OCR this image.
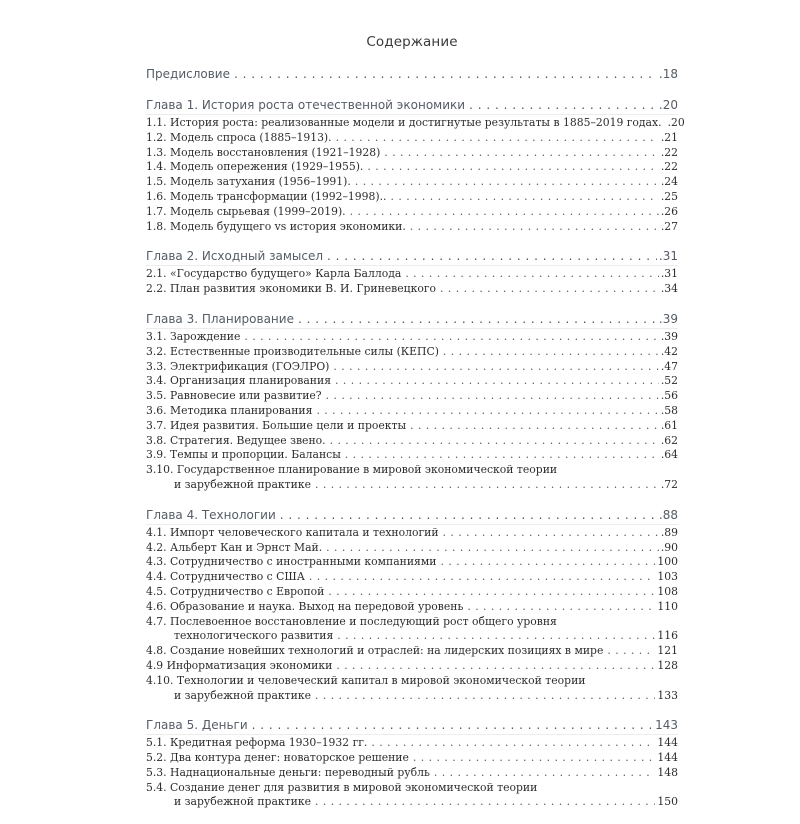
Содержание
Предисловие . . .	.18
Глава 1. История роста отечественной экономики . . .	.20
1.1. История роста: реализованные модели и достигнутые результаты в 1885–2019 годах. .20
1.2. Модель спроса (1885–1913). . . .	.21
1.3. Модель восстановления (1921–1928) . . .	.22
1.4. Модель опережения (1929–1955). . . .	.22
1.5. Модель затухания (1956–1991). . . .	.24
1.6. Модель трансформации (1992–1998).. . . .	.25
1.7. Модель сырьевая (1999–2019). . . .	.26
1.8. Модель будущего vs история экономики. . . .	.27
Глава 2. Исходный замысел . . .	.31
2.1. «Государство будущего» Карла Баллода . . .	.31
2.2. План развития экономики В. И. Гриневецкого . . .	.34
Глава 3. Планирование . . .	.39
3.1. Зарождение . . .	.39
3.2. Естественные производительные силы (КЕПС) . . .	.42
3.3. Электрификация (ГОЭЛРО) . . .	.47
3.4. Организация планирования . . .	.52
3.5. Равновесие или развитие? . . .	.56
3.6. Методика планирования . . .	.58
3.7. Идея развития. Большие цели и проекты . . .	.61
3.8. Стратегия. Ведущее звено. . . .	.62
3.9. Темпы и пропорции. Балансы . . .	.64
3.10. Государственное планирование в мировой экономической теории
и зарубежной практике . . .	.72
Глава 4. Технологии . . .	.88
4.1. Импорт человеческого капитала и технологий . . .	.89
4.2. Альберт Кан и Эрнст Май. . . .	.90
4.3. Сотрудничество с иностранными компаниями . . .	100
4.4. Сотрудничество с США . . .	103
4.5. Сотрудничество с Европой . . .	108
4.6. Образование и наука. Выход на передовой уровень . . .	110
4.7. Послевоенное восстановление и последующий рост общего уровня
технологического развития . . .	116
4.8. Создание новейших технологий и отраслей: на лидерских позициях в мире . . .	121
4.9 Информатизация экономики . . .	128
4.10. Технологии и человеческий капитал в мировой экономической теории
и зарубежной практике . . .	133
Глава 5. Деньги . . .	143
5.1. Кредитная реформа 1930–1932 гг. . . .	144
5.2. Два контура денег: новаторское решение . . .	144
5.3. Наднациональные деньги: переводный рубль . . .	148
5.4. Создание денег для развития в мировой экономической теории
и зарубежной практике . . .	150
